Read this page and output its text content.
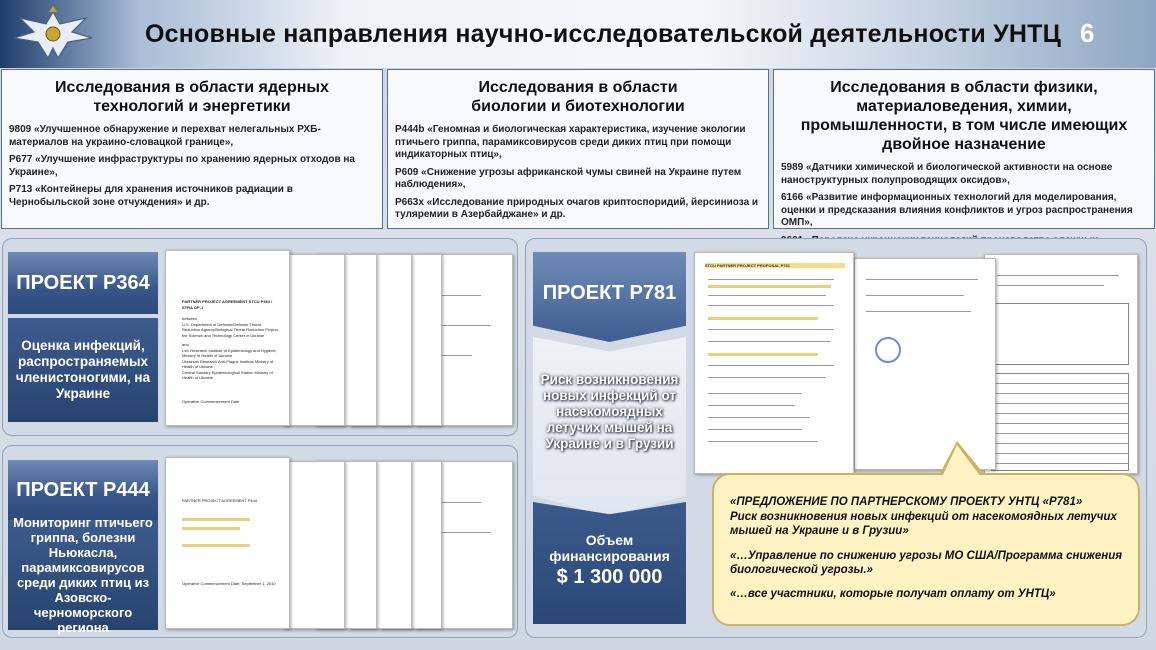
Основные направления научно-исследовательской деятельности УНТЦ 6
Исследования в области ядерных технологий и энергетики

9809 «Улучшенное обнаружение и перехват нелегальных РХБ-материалов на украино-словацкой границе»,

P677 «Улучшение инфраструктуры по хранению ядерных отходов на Украине»,

P713 «Контейнеры для хранения источников радиации в Чернобыльской зоне отчуждения» и др.

Исследования в области биологии и биотехнологии

P444b «Геномная и биологическая характеристика, изучение экологии птичьего гриппа, парамиксовирусов среди диких птиц при помощи индикаторных птиц»,

P609 «Снижение угрозы африканской чумы свиней на Украине путем наблюдения»,

P663x «Исследование природных очагов криптоспоридий, йерсиниоза и туляремии в Азербайджане» и др.

Исследования в области физики, материаловедения, химии, промышленности, в том числе имеющих двойное назначение

5989 «Датчики химической и биологической активности на основе наноструктурных полупроводящих оксидов»,

6166 «Развитие информационных технологий для моделирования, оценки и предсказания влияния конфликтов и угроз распространения ОМП»,

ПРОЕКТ Р364
Оценка инфекций, распространяемых членистоногими, на Украине
PARTNER PROJECT AGREEMENT STCU P364 / STRA OP-1
between
U.S. Department of Defense/Defense Threat Reduction Agency/Biological Threat Reduction Project,
the Science and Technology Center in Ukraine
and
Lviv Research Institute of Epidemiology and Hygiene, Ministry of Health of Ukraine
Ukrainian Research Anti-Plague Institute Ministry of Health of Ukraine
Central Sanitary Epidemiological Station Ministry of Health of Ukraine
Operative Commencement Date
ПРОЕКТ Р444
Мониторинг птичьего гриппа, болезни Ньюкасла, парамиксовирусов среди диких птиц из Азовско-черноморского региона
PARTNER PROJECT AGREEMENT P444
Operative Commencement Date: September 1, 2010
ПРОЕКТ Р781
Риск возникновения новых инфекций от насекомоядных летучих мышей на Украине и в Грузии
Объем финансирования
$ 1 300 000
STCU PARTNER PROJECT PROPOSAL P781

«ПРЕДЛОЖЕНИЕ ПО ПАРТНЕРСКОМУ ПРОЕКТУ УНТЦ «Р781»

Риск возникновения новых инфекций от насекомоядных летучих мышей на Украине и в Грузии»

«…Управление по снижению угрозы МО США/Программа снижения биологической угрозы.»

«…все участники, которые получат оплату от УНТЦ»
